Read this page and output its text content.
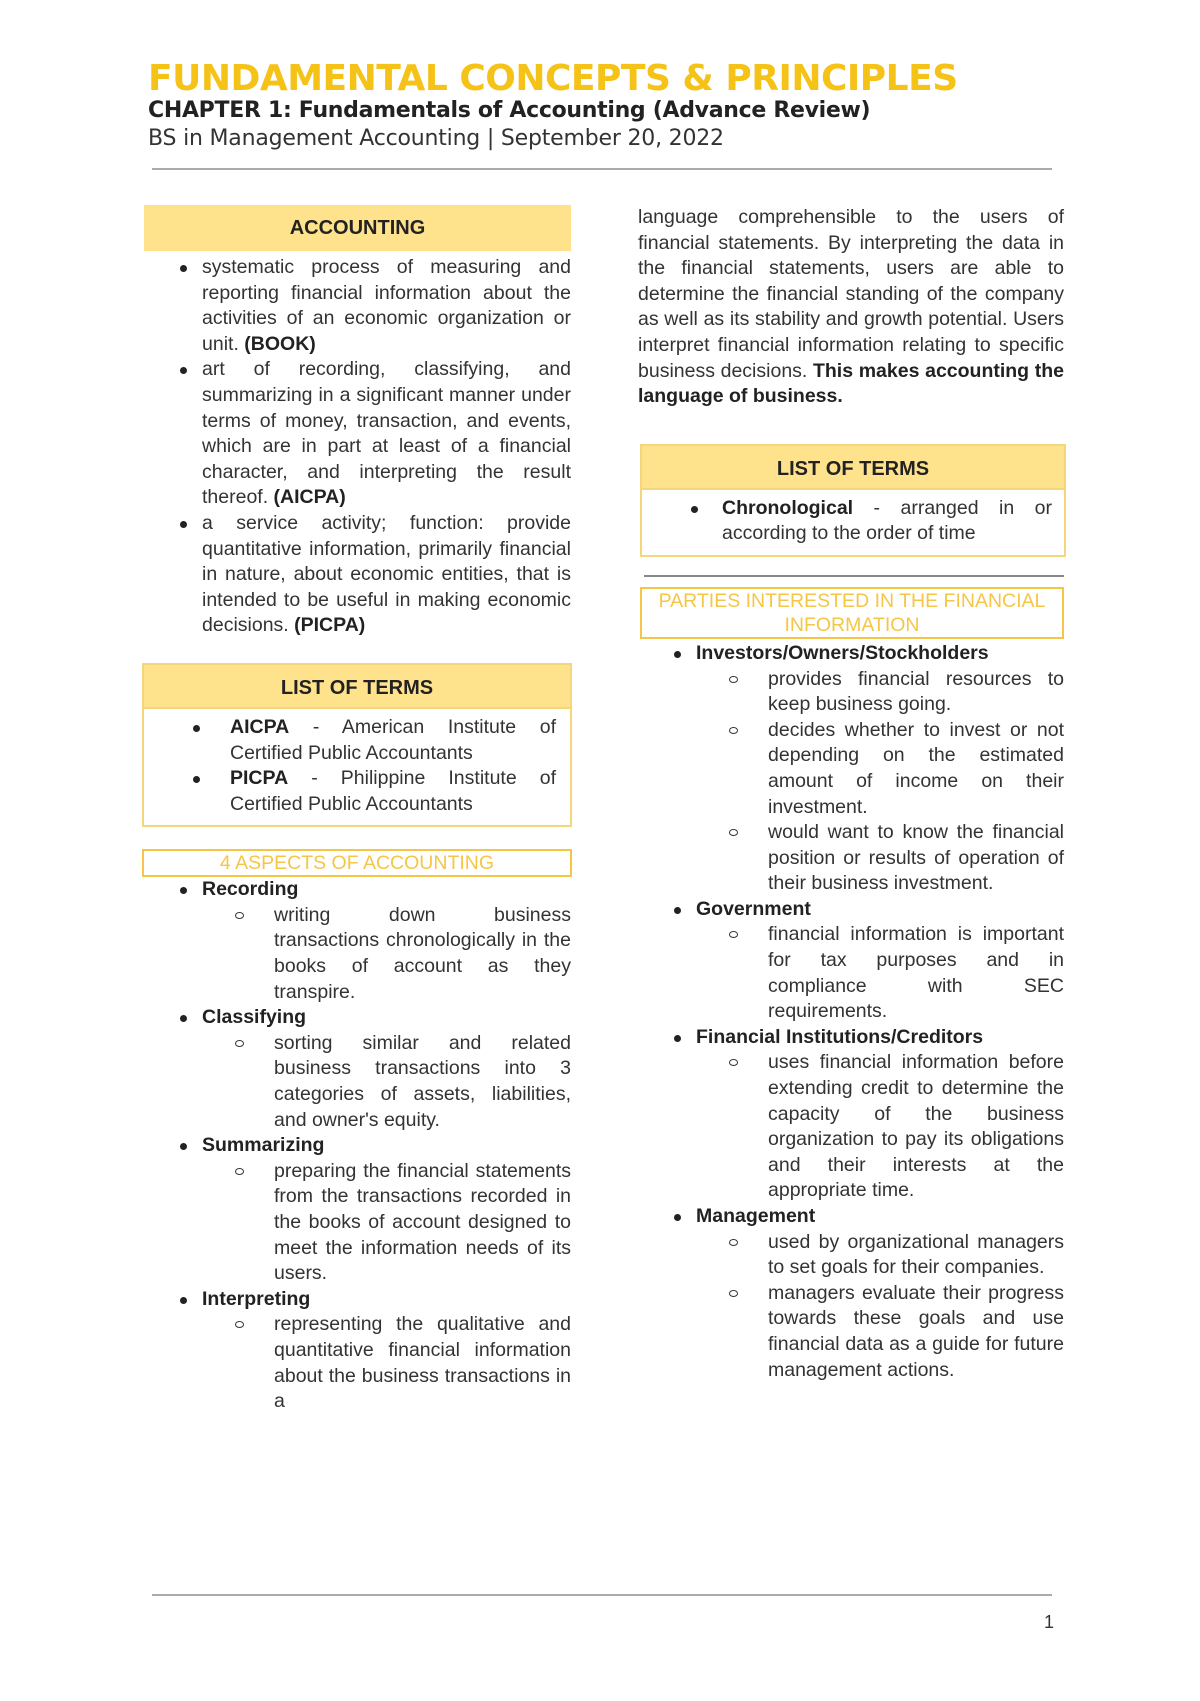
FUNDAMENTAL CONCEPTS & PRINCIPLES
CHAPTER 1: Fundamentals of Accounting (Advance Review)
BS in Management Accounting | September 20, 2022
ACCOUNTING
systematic process of measuring and reporting financial information about the activities of an economic organization or unit. (BOOK)
art of recording, classifying, and summarizing in a significant manner under terms of money, transaction, and events, which are in part at least of a financial character, and interpreting the result thereof. (AICPA)
a service activity; function: provide quantitative information, primarily financial in nature, about economic entities, that is intended to be useful in making economic decisions. (PICPA)
LIST OF TERMS
AICPA - American Institute of Certified Public Accountants
PICPA - Philippine Institute of Certified Public Accountants
4 ASPECTS OF ACCOUNTING
Recording
writing down business transactions chronologically in the books of account as they transpire.
Classifying
sorting similar and related business transactions into 3 categories of assets, liabilities, and owner's equity.
Summarizing
preparing the financial statements from the transactions recorded in the books of account designed to meet the information needs of its users.
Interpreting
representing the qualitative and quantitative financial information about the business transactions in a

language comprehensible to the users of financial statements. By interpreting the data in the financial statements, users are able to determine the financial standing of the company as well as its stability and growth potential. Users interpret financial information relating to specific business decisions. This makes accounting the language of business.

LIST OF TERMS
Chronological - arranged in or according to the order of time
PARTIES INTERESTED IN THE FINANCIAL INFORMATION
Investors/Owners/Stockholders
provides financial resources to keep business going.
decides whether to invest or not depending on the estimated amount of income on their investment.
would want to know the financial position or results of operation of their business investment.
Government
financial information is important for tax purposes and in compliance with SEC requirements.
Financial Institutions/Creditors
uses financial information before extending credit to determine the capacity of the business organization to pay its obligations and their interests at the appropriate time.
Management
used by organizational managers to set goals for their companies.
managers evaluate their progress towards these goals and use financial data as a guide for future management actions.
1
